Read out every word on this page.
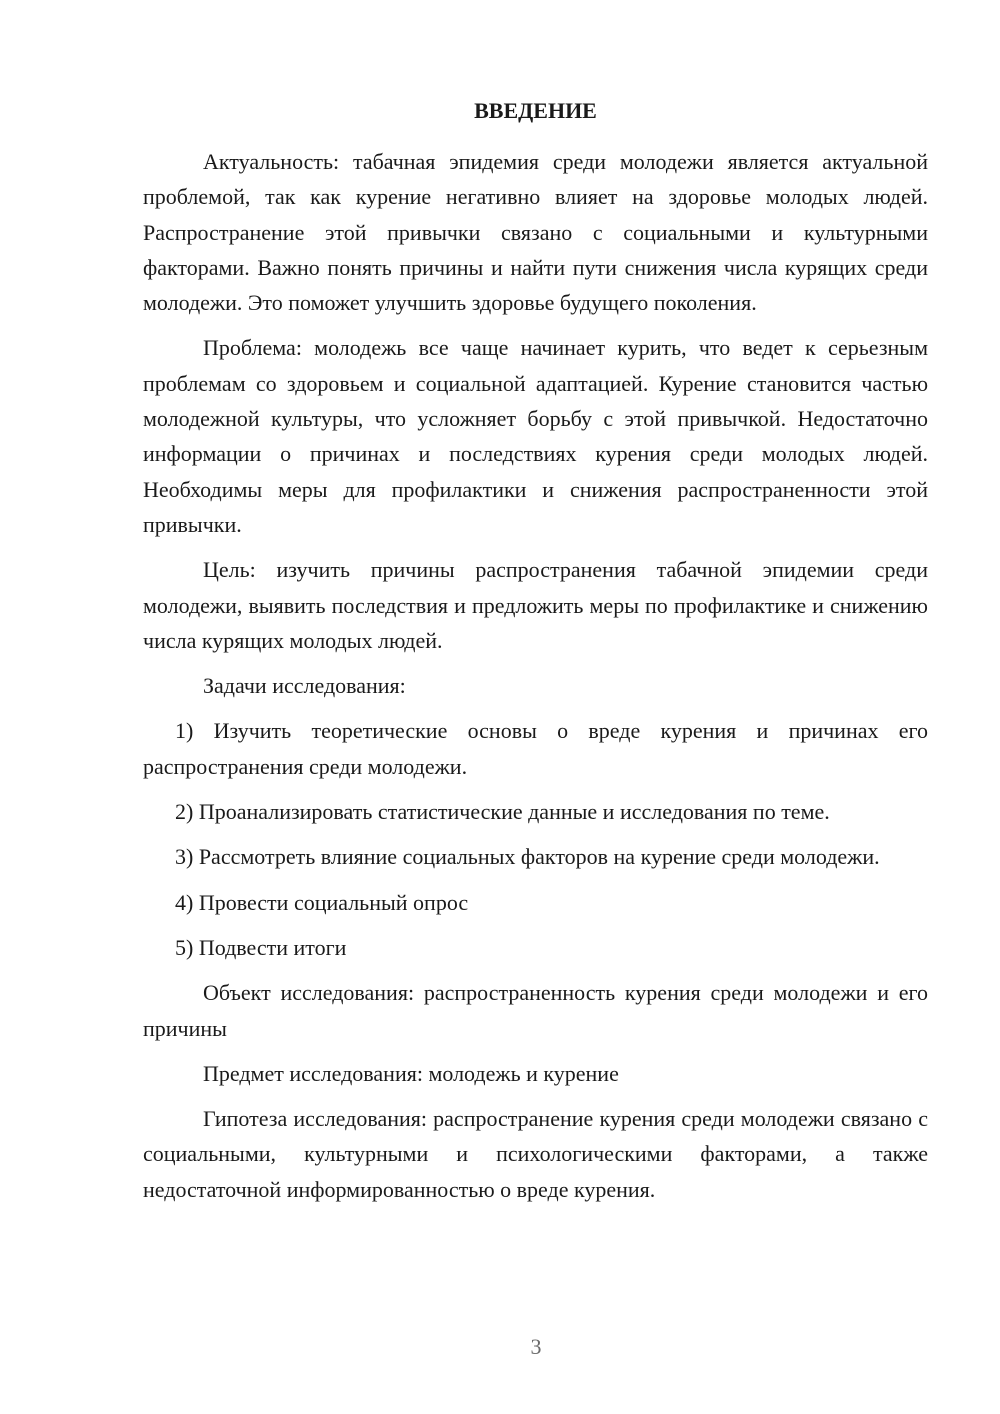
ВВЕДЕНИЕ

Актуальность: табачная эпидемия среди молодежи является актуальной проблемой, так как курение негативно влияет на здоровье молодых людей. Распространение этой привычки связано с социальными и культурными факторами. Важно понять причины и найти пути снижения числа курящих среди молодежи. Это поможет улучшить здоровье будущего поколения.

Проблема: молодежь все чаще начинает курить, что ведет к серьезным проблемам со здоровьем и социальной адаптацией. Курение становится частью молодежной культуры, что усложняет борьбу с этой привычкой. Недостаточно информации о причинах и последствиях курения среди молодых людей. Необходимы меры для профилактики и снижения распространенности этой привычки.

Цель: изучить причины распространения табачной эпидемии среди молодежи, выявить последствия и предложить меры по профилактике и снижению числа курящих молодых людей.

Задачи исследования:

1) Изучить теоретические основы о вреде курения и причинах его распространения среди молодежи.

2) Проанализировать статистические данные и исследования по теме.

3) Рассмотреть влияние социальных факторов на курение среди молодежи.

4) Провести социальный опрос

5) Подвести итоги

Объект исследования: распространенность курения среди молодежи и его причины

Предмет исследования: молодежь и курение

Гипотеза исследования: распространение курения среди молодежи связано с социальными, культурными и психологическими факторами, а также недостаточной информированностью о вреде курения.

3
